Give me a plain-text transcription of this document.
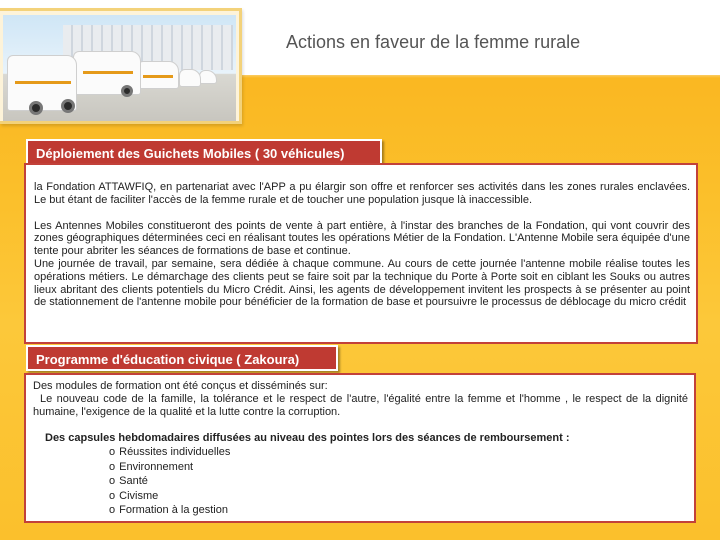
Actions en faveur de la femme rurale
Déploiement des Guichets Mobiles ( 30 véhicules)

la Fondation ATTAWFIQ, en partenariat avec l'APP a pu élargir son offre et renforcer ses activités dans les zones rurales enclavées. Le but étant de faciliter l'accès de la femme rurale et de toucher une population jusque là inaccessible.

Les Antennes Mobiles constitueront des points de vente à part entière, à l'instar des branches de la Fondation, qui vont couvrir des zones géographiques déterminées ceci en réalisant toutes les opérations Métier de la Fondation. L'Antenne Mobile sera équipée d'une tente pour abriter les séances de formations de base et continue.

Une journée de travail, par semaine, sera dédiée à chaque commune. Au cours de cette journée l'antenne mobile réalise toutes les opérations métiers. Le démarchage des clients peut se faire soit par la technique du Porte à Porte soit en ciblant les Souks ou autres lieux abritant des clients potentiels du Micro Crédit. Ainsi, les agents de développement invitent les prospects à se présenter au point de stationnement de l'antenne mobile pour bénéficier de la formation de base et poursuivre le processus de déblocage du micro crédit

Programme d'éducation civique ( Zakoura)

Des modules de formation ont été conçus et disséminés sur:

Le nouveau code de la famille, la tolérance et le respect de l'autre, l'égalité entre la femme et l'homme , le respect de la dignité humaine, l'exigence de la qualité et la lutte contre la corruption.

Des capsules hebdomadaires diffusées au niveau des pointes lors des séances de remboursement :

o Réussites individuelles
o Environnement
o Santé
o Civisme
o Formation à la gestion
